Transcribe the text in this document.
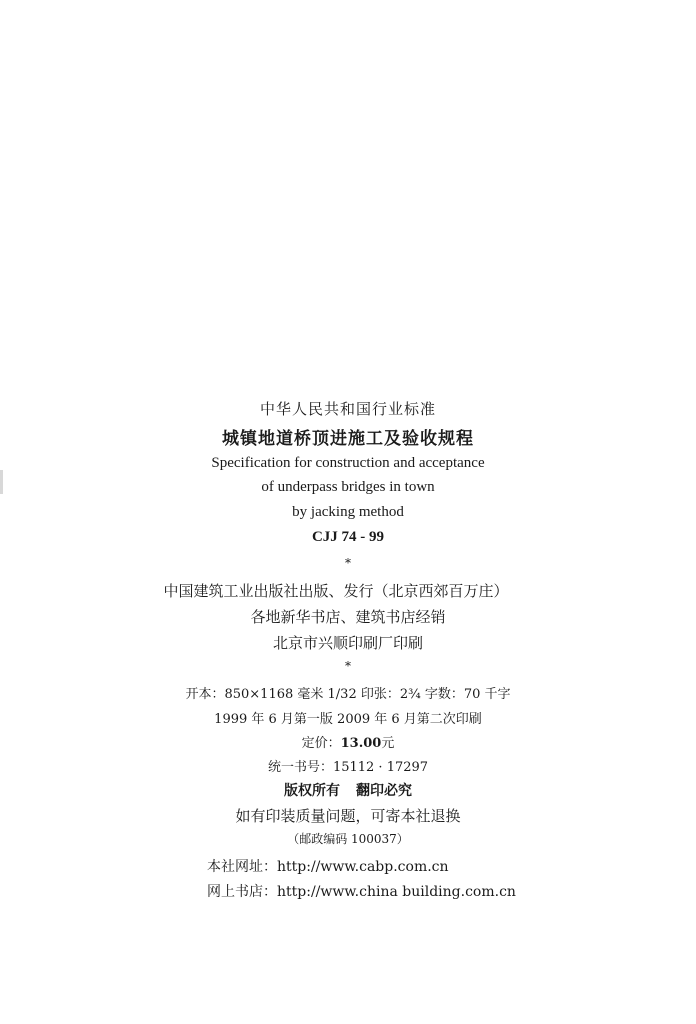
中华人民共和国行业标准
城镇地道桥顶进施工及验收规程
Specification for construction and acceptance
of underpass bridges in town
by jacking method
CJJ 74 - 99
*
中国建筑工业出版社出版、发行（北京西郊百万庄）
各地新华书店、建筑书店经销
北京市兴顺印刷厂印刷
*
开本：850×1168 毫米 1/32 印张：2¾ 字数：70 千字
1999 年 6 月第一版 2009 年 6 月第二次印刷
定价：13.00元
统一书号：15112 · 17297
版权所有 翻印必究
如有印装质量问题，可寄本社退换
（邮政编码 100037）
本社网址：http://www.cabp.com.cn
网上书店：http://www.china building.com.cn
